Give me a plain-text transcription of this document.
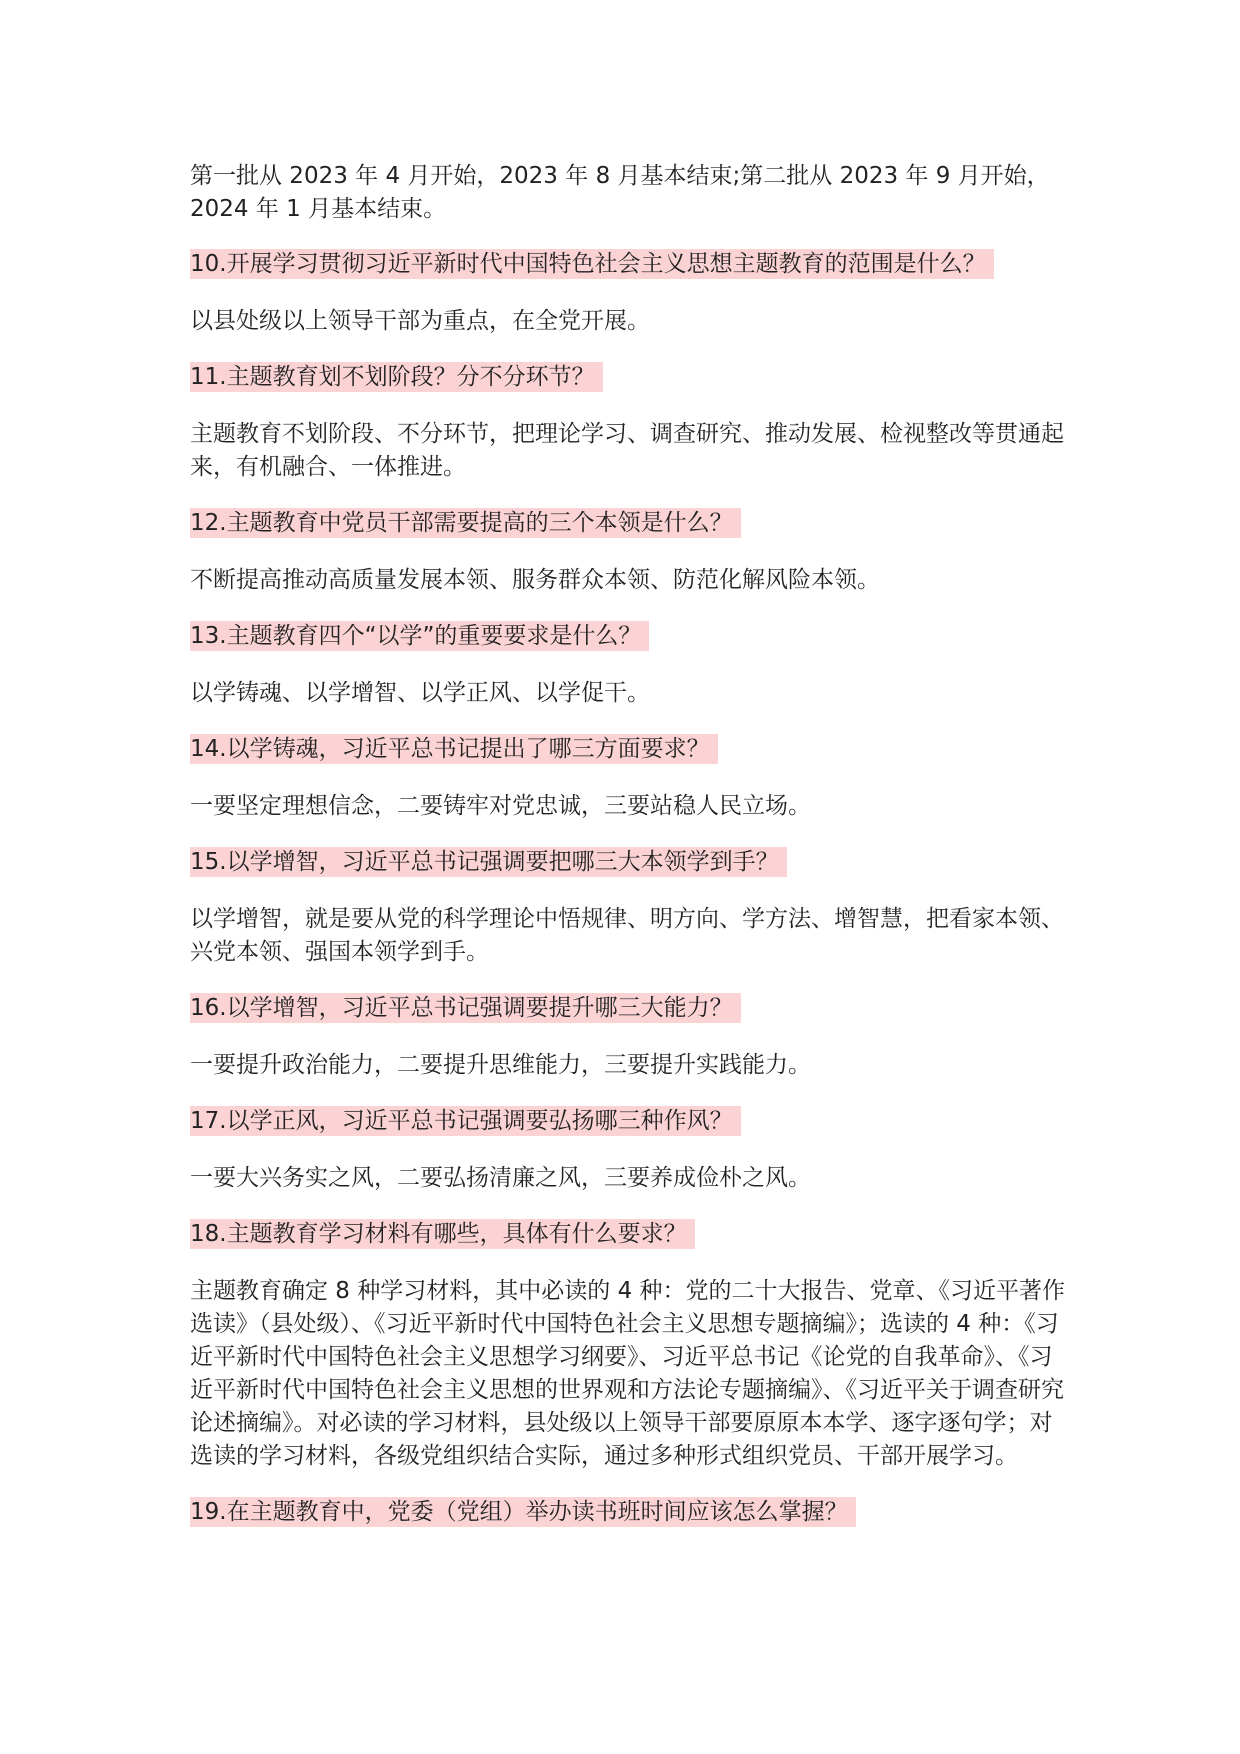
第一批从 2023 年 4 月开始，2023 年 8 月基本结束;第二批从 2023 年 9 月开始，2024 年 1 月基本结束。

10.开展学习贯彻习近平新时代中国特色社会主义思想主题教育的范围是什么？

以县处级以上领导干部为重点，在全党开展。

11.主题教育划不划阶段？分不分环节？

主题教育不划阶段、不分环节，把理论学习、调查研究、推动发展、检视整改等贯通起来，有机融合、一体推进。

12.主题教育中党员干部需要提高的三个本领是什么？

不断提高推动高质量发展本领、服务群众本领、防范化解风险本领。

13.主题教育四个“以学”的重要要求是什么？

以学铸魂、以学增智、以学正风、以学促干。

14.以学铸魂，习近平总书记提出了哪三方面要求？

一要坚定理想信念，二要铸牢对党忠诚，三要站稳人民立场。

15.以学增智，习近平总书记强调要把哪三大本领学到手？

以学增智，就是要从党的科学理论中悟规律、明方向、学方法、增智慧，把看家本领、兴党本领、强国本领学到手。

16.以学增智，习近平总书记强调要提升哪三大能力？

一要提升政治能力，二要提升思维能力，三要提升实践能力。

17.以学正风，习近平总书记强调要弘扬哪三种作风？

一要大兴务实之风，二要弘扬清廉之风，三要养成俭朴之风。

18.主题教育学习材料有哪些，具体有什么要求？

主题教育确定 8 种学习材料，其中必读的 4 种：党的二十大报告、党章、《习近平著作选读》（县处级）、《习近平新时代中国特色社会主义思想专题摘编》；选读的 4 种：《习近平新时代中国特色社会主义思想学习纲要》、习近平总书记《论党的自我革命》、《习近平新时代中国特色社会主义思想的世界观和方法论专题摘编》、《习近平关于调查研究论述摘编》。对必读的学习材料，县处级以上领导干部要原原本本学、逐字逐句学；对选读的学习材料，各级党组织结合实际，通过多种形式组织党员、干部开展学习。

19.在主题教育中，党委（党组）举办读书班时间应该怎么掌握？
